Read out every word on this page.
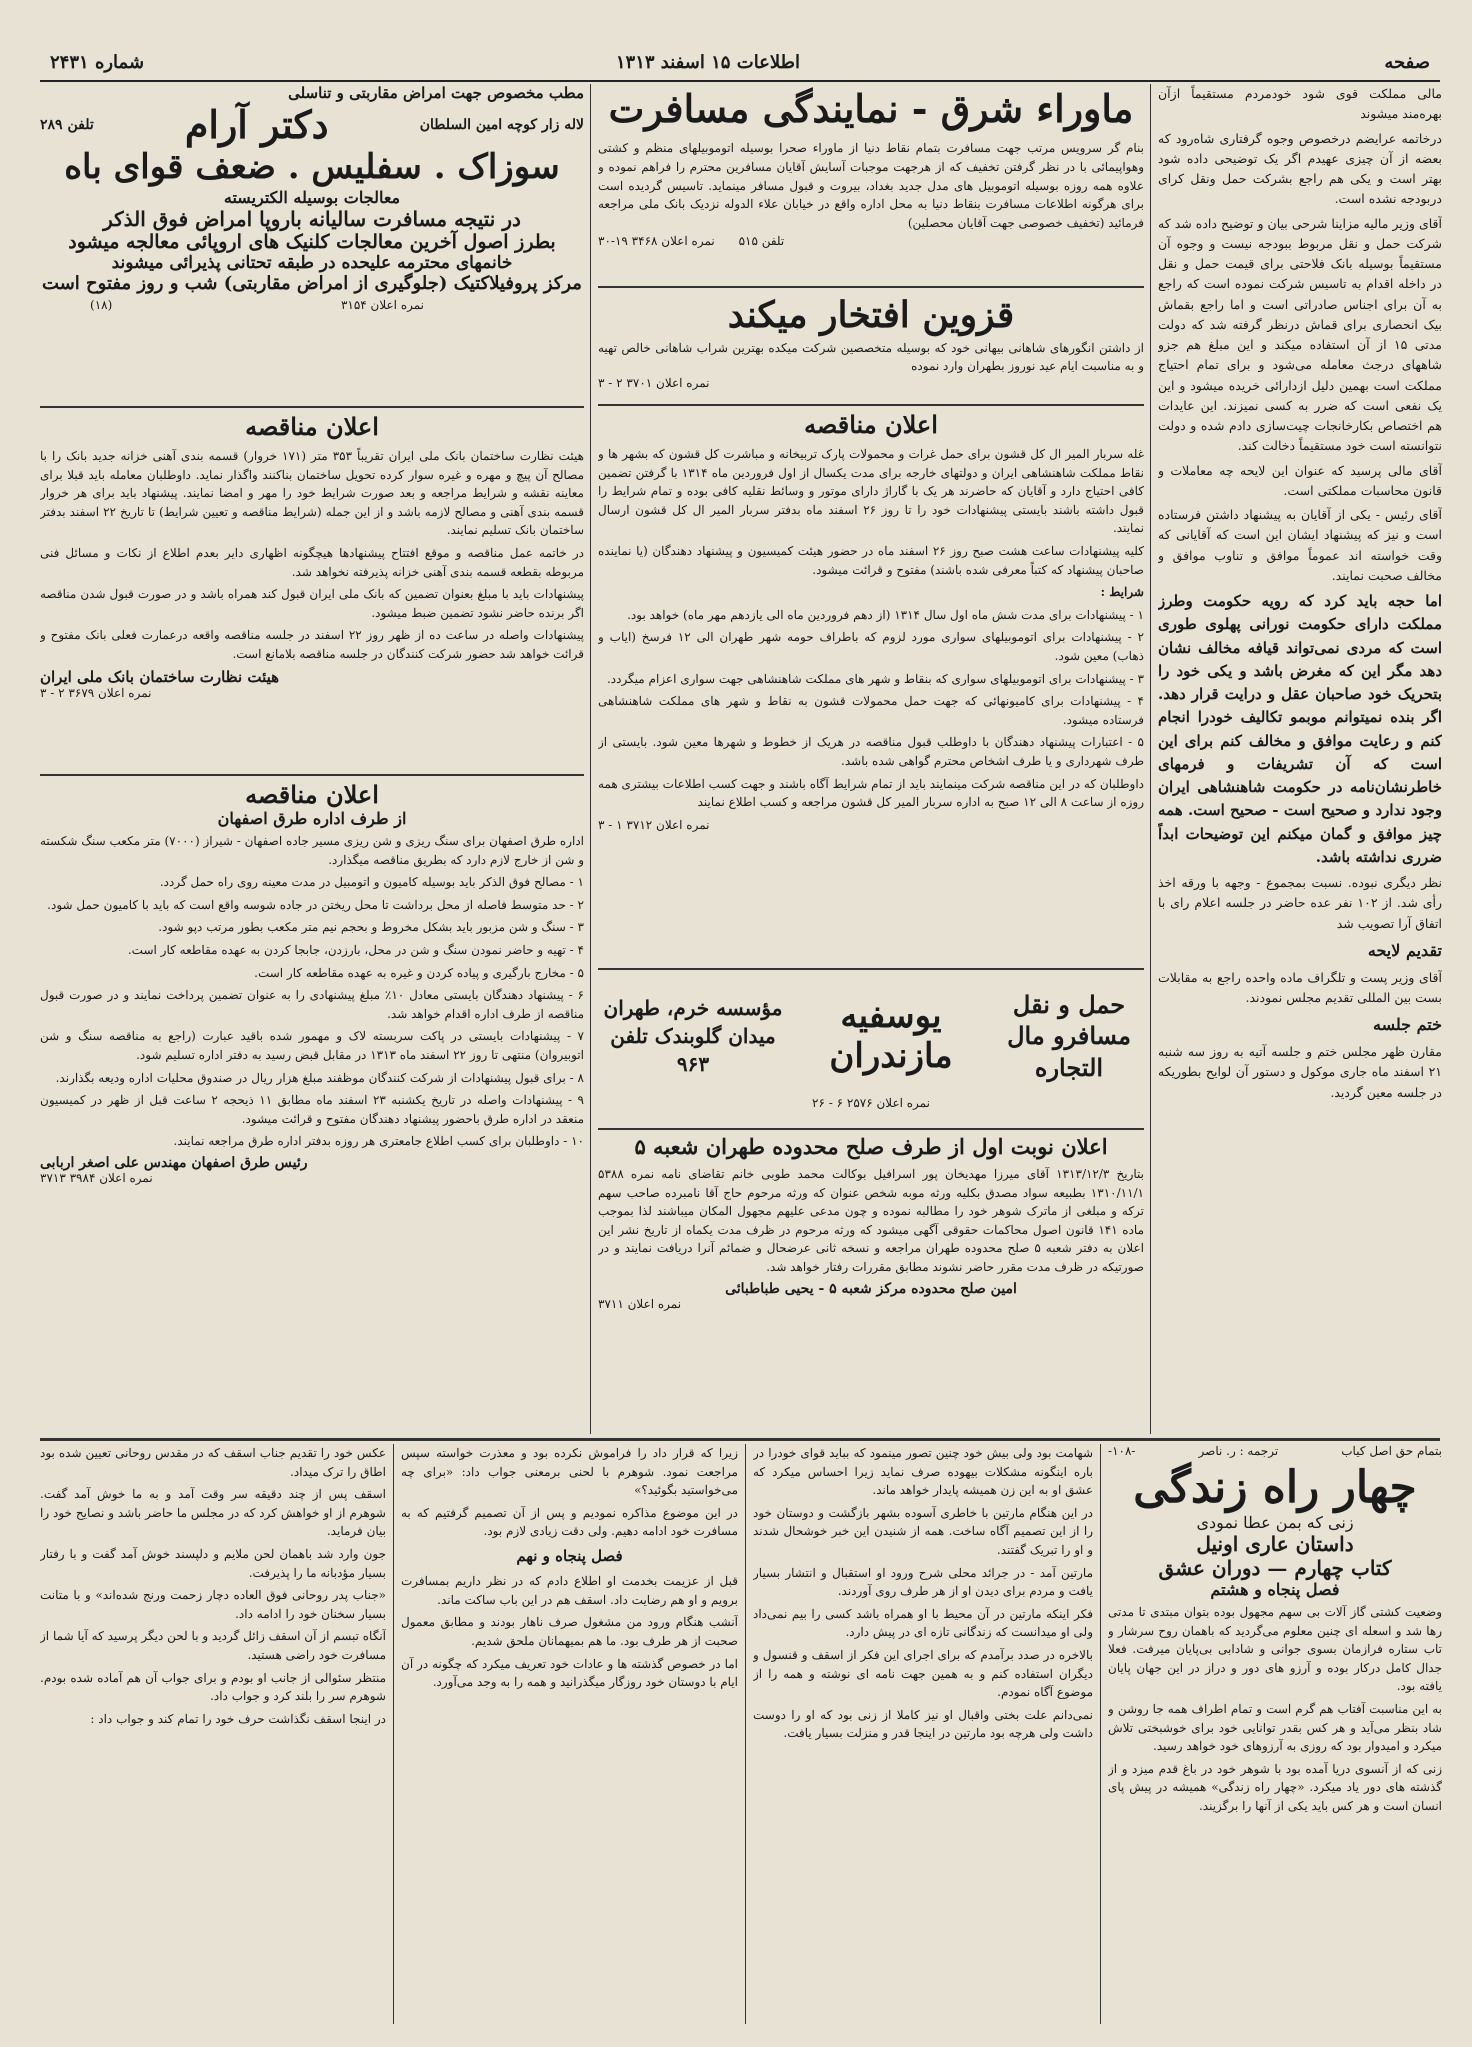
صفحه
اطلاعات ۱۵ اسفند ۱۳۱۳
شماره ۲۴۳۱

مالی مملکت قوی شود خودمردم مستقیماً ازآن بهره‌مند میشوند

درخاتمه عرایضم درخصوص وجوه گرفتاری شاه‌رود که بعضه از آن چیزی عهیدم اگر یک توضیحی داده شود بهتر است و یکی هم راجع بشرکت حمل ونقل کرای دربودجه نشده است.

آقای وزیر مالیه مزاینا شرحی بیان و توضیح داده شد که شرکت حمل و نقل مربوط ببودجه نیست و وجوه آن مستقیماً بوسیله بانک فلاحتی برای قیمت حمل و نقل در داخله اقدام به تاسیس شرکت نموده است که راجع به آن برای اجناس صادراتی است و اما راجع بقماش بیک انحصاری برای قماش درنظر گرفته شد که دولت مدتی ۱۵ از آن استفاده میکند و این مبلغ هم جزو شاههای درجث معامله می‌شود و برای تمام احتیاج مملکت است بهمین دلیل ازدارائی خریده میشود و این یک نفعی است که ضرر به کسی نمیزند. این عایدات هم اختصاص بکارخانجات چیت‌سازی دادم شده و دولت نتوانسته است خود مستقیماً دخالت کند.

آقای مالی پرسید که عنوان این لایحه چه معاملات و قانون محاسبات مملکتی است.

آقای رئیس - یکی از آقایان به پیشنهاد داشتن فرستاده است و نیز که پیشنهاد ایشان این است که آقایانی که وقت خواسته اند عموماً موافق و تناوب موافق و مخالف صحبت نمایند.

اما حجه باید کرد که رویه حکومت وطرز مملکت دارای حکومت نورانی پهلوی طوری است که مردی نمی‌تواند قیافه مخالف نشان دهد مگر این که مغرض باشد و یکی خود را بتحریک خود صاحبان عقل و درایت قرار دهد. اگر بنده نمیتوانم موبمو تکالیف خودرا انجام کنم و رعایت موافق و مخالف کنم برای این است که آن تشریفات و فرمهای خاطرنشان‌نامه در حکومت شاهنشاهی ایران وجود ندارد و صحیح است - صحیح است. همه چیز موافق و گمان میکنم این توضیحات ابداً ضرری نداشته باشد.

نظر دیگری نبوده. نسبت بمجموع - وجهه با ورقه اخذ رأی شد. از ۱۰۲ نفر عده حاضر در جلسه اعلام رای با اتفاق آرا تصویب شد

تقدیم لایحه

آقای وزیر پست و تلگراف ماده واحده راجع به مقابلات بست بین المللی تقدیم مجلس نمودند.

ختم جلسه

مقارن ظهر مجلس ختم و جلسه آتیه به روز سه شنبه ۲۱ اسفند ماه جاری موکول و دستور آن لوایح بطوریکه در جلسه معین گردید.

ماوراء شرق - نمایندگی مسافرت
بنام گر سرویس مرتب جهت مسافرت بتمام نقاط دنیا از ماوراء صحرا بوسیله اتوموبیلهای منظم و کشتی وهواپیمائی با در نظر گرفتن تخفیف که از هرجهت موجبات آسایش آقایان مسافرین محترم را فراهم نموده و علاوه همه روزه بوسیله اتوموبیل های مدل جدید بغداد، بیروت و قبول مسافر مینماید. تاسیس گردیده است برای هرگونه اطلاعات مسافرت بنقاط دنیا به محل اداره واقع در خیابان علاء الدوله نزدیک بانک ملی مراجعه فرمائید (تخفیف خصوصی جهت آقایان محصلین)
تلفن ۵۱۵ نمره اعلان ۳۴۶۸ ۱۹-۳۰
قزوین افتخار میکند
از داشتن انگورهای شاهانی بیهانی خود که بوسیله متخصصین شرکت میکده بهترین شراب شاهانی خالص تهیه و به مناسبت ایام عید نوروز بطهران وارد نموده
نمره اعلان ۳۷۰۱ ۲ - ۳
اعلان مناقصه

غله سربار المیر ال کل قشون برای حمل غرات و محمولات پارک تربیخانه و مباشرت کل قشون که بشهر ها و نقاط مملکت شاهنشاهی ایران و دولتهای خارجه برای مدت یکسال از اول فروردین ماه ۱۳۱۴ با گرفتن تضمین کافی احتیاج دارد و آقایان که حاضرند هر یک با گاراژ دارای موتور و وسائط نقلیه کافی بوده و تمام شرایط را قبول داشته باشند بایستی پیشنهادات خود را تا روز ۲۶ اسفند ماه بدفتر سربار المیر ال کل قشون ارسال نمایند.

کلیه پیشنهادات ساعت هشت صبح روز ۲۶ اسفند ماه در حضور هیئت کمیسیون و پیشنهاد دهندگان (یا نماینده صاحبان پیشنهاد که کتباً معرفی شده باشند) مفتوح و قرائت میشود.

شرایط :

۱ - پیشنهادات برای مدت شش ماه اول سال ۱۳۱۴ (از دهم فروردین ماه الی یازدهم مهر ماه) خواهد بود.

۲ - پیشنهادات برای اتوموبیلهای سواری مورد لزوم که باطراف حومه شهر طهران الی ۱۲ فرسخ (ایاب و ذهاب) معین شود.

۳ - پیشنهادات برای اتوموبیلهای سواری که بنقاط و شهر های مملکت شاهنشاهی جهت سواری اعزام میگردد.

۴ - پیشنهادات برای کامیونهائی که جهت حمل محمولات قشون به نقاط و شهر های مملکت شاهنشاهی فرستاده میشود.

۵ - اعتبارات پیشنهاد دهندگان با داوطلب قبول مناقصه در هریک از خطوط و شهرها معین شود. بایستی از طرف شهرداری و یا طرف اشخاص محترم گواهی شده باشد.

داوطلبان که در این مناقصه شرکت مینمایند باید از تمام شرایط آگاه باشند و جهت کسب اطلاعات بیشتری همه روزه از ساعت ۸ الی ۱۲ صبح به اداره سربار المیر کل قشون مراجعه و کسب اطلاع نمایند

نمره اعلان ۳۷۱۲ ۱ - ۳

حمل و نقل مسافرو مال التجاره
یوسفیه مازندران
مؤسسه خرم، طهران میدان گلوبندک تلفن ۹۶۳
نمره اعلان ۲۵۷۶ ۶ - ۲۶
اعلان نوبت اول از طرف صلح محدوده طهران شعبه ۵
بتاریخ ۱۳۱۳/۱۲/۳ آقای میرزا مهدیخان پور اسرافیل بوکالت محمد طوبی خانم تقاضای نامه نمره ۵۳۸۸ ۱۳۱۰/۱۱/۱ بطبیعه سواد مصدق بکلیه ورثه موبه شخص عنوان که ورثه مرحوم حاج آقا نامبرده صاحب سهم ترکه و مبلغی از ماترک شوهر خود را مطالبه نموده و چون مدعی علیهم مجهول المکان میباشند لذا بموجب ماده ۱۴۱ قانون اصول محاکمات حقوقی آگهی میشود که ورثه مرحوم در ظرف مدت یکماه از تاریخ نشر این اعلان به دفتر شعبه ۵ صلح محدوده طهران مراجعه و نسخه ثانی عرضحال و ضمائم آنرا دریافت نمایند و در صورتیکه در ظرف مدت مقرر حاضر نشوند مطابق مقررات رفتار خواهد شد.
امین صلح محدوده مرکز شعبه ۵ - یحیی طباطبائی
نمره اعلان ۳۷۱۱
مطب مخصوص جهت امراض مقاربتی و تناسلی
لاله زار کوچه امین السلطان
دکتر آرام
تلفن ۲۸۹
سوزاک . سفلیس . ضعف قوای باه
معالجات بوسیله الکتریسته
در نتیجه مسافرت سالیانه باروپا امراض فوق الذکر
بطرز اصول آخرین معالجات کلنیک های اروپائی معالجه میشود
خانمهای محترمه علیحده در طبقه تحتانی پذیرائی میشوند
مرکز پروفیلاکتیک (جلوگیری از امراض مقاربتی) شب و روز مفتوح است
نمره اعلان ۳۱۵۴
(۱۸)
اعلان مناقصه

هیئت نظارت ساختمان بانک ملی ایران تقریباً ۳۵۳ متر (۱۷۱ خروار) قسمه بندی آهنی خزانه جدید بانک را با مصالح آن پیچ و مهره و غیره سوار کرده تحویل ساختمان بناکنند واگذار نماید. داوطلبان معامله باید قبلا برای معاینه نقشه و شرایط مراجعه و بعد صورت شرایط خود را مهر و امضا نمایند. پیشنهاد باید برای هر خروار قسمه بندی آهنی و مصالح لازمه باشد و از این جمله (شرایط مناقصه و تعیین شرایط) تا تاریخ ۲۲ اسفند بدفتر ساختمان بانک تسلیم نمایند.

در خاتمه عمل مناقصه و موقع افتتاح پیشنهادها هیچگونه اظهاری دایر بعدم اطلاع از نکات و مسائل فنی مربوطه بقطعه قسمه بندی آهنی خزانه پذیرفته نخواهد شد.

پیشنهادات باید با مبلغ بعنوان تضمین که بانک ملی ایران قبول کند همراه باشد و در صورت قبول شدن مناقصه اگر برنده حاضر نشود تضمین ضبط میشود.

پیشنهادات واصله در ساعت ده از ظهر روز ۲۲ اسفند در جلسه مناقصه واقعه درعمارت فعلی بانک مفتوح و قرائت خواهد شد حضور شرکت کنندگان در جلسه مناقصه بلامانع است.

هیئت نظارت ساختمان بانک ملی ایران
نمره اعلان ۳۶۷۹ ۲ - ۳
اعلان مناقصه
از طرف اداره طرق اصفهان

اداره طرق اصفهان برای سنگ ریزی و شن ریزی مسیر جاده اصفهان - شیراز (۷۰۰۰) متر مکعب سنگ شکسته و شن از خارج لازم دارد که بطریق مناقصه میگذارد.

۱ - مصالح فوق الذکر باید بوسیله کامیون و اتومبیل در مدت معینه روی راه حمل گردد.

۲ - حد متوسط فاصله از محل برداشت تا محل ریختن در جاده شوسه واقع است که باید با کامیون حمل شود.

۳ - سنگ و شن مزبور باید بشکل مخروط و بحجم نیم متر مکعب بطور مرتب دپو شود.

۴ - تهیه و حاضر نمودن سنگ و شن در محل، بارزدن، جابجا کردن به عهده مقاطعه کار است.

۵ - مخارج بارگیری و پیاده کردن و غیره به عهده مقاطعه کار است.

۶ - پیشنهاد دهندگان بایستی معادل ۱۰٪ مبلغ پیشنهادی را به عنوان تضمین پرداخت نمایند و در صورت قبول مناقصه از طرف اداره اقدام خواهد شد.

۷ - پیشنهادات بایستی در پاکت سربسته لاک و مهمور شده باقید عبارت (راجع به مناقصه سنگ و شن اتوبیروان) منتهی تا روز ۲۲ اسفند ماه ۱۳۱۳ در مقابل قبض رسید به دفتر اداره تسلیم شود.

۸ - برای قبول پیشنهادات از شرکت کنندگان موظفند مبلغ هزار ریال در صندوق محلیات اداره ودیعه بگذارند.

۹ - پیشنهادات واصله در تاریخ یکشنبه ۲۳ اسفند ماه مطابق ۱۱ ذیحجه ۲ ساعت قبل از ظهر در کمیسیون منعقد در اداره طرق باحضور پیشنهاد دهندگان مفتوح و قرائت میشود.

۱۰ - داوطلبان برای کسب اطلاع جامعتری هر روزه بدفتر اداره طرق مراجعه نمایند.

رئیس طرق اصفهان مهندس علی اصغر اربابی
نمره اعلان ۳۹۸۴ ۳۷۱۳
بتمام حق اصل کیاب
ترجمه : ر. ناصر
-۱۰۸-
چهار راه زندگی
زنی که بمن عطا نمودی
داستان عاری اونیل
کتاب چهارم — دوران عشق
فصل پنجاه و هشتم

وضعیت کشتی گاز آلات بی سهم مجهول بوده بتوان مبتدی تا مدتی رها شد و اسعله ای چنین معلوم می‌گردید که باهمان روح سرشار و تاب ستاره فرازمان بسوی جوانی و شادابی بی‌پایان میرفت. فعلا جدال کامل درکار بوده و آرزو های دور و دراز در این جهان پایان یافته بود.

به این مناسبت آفتاب هم گرم است و تمام اطراف همه جا روشن و شاد بنظر می‌آید و هر کس بقدر توانایی خود برای خوشبختی تلاش میکرد و امیدوار بود که روزی به آرزوهای خود خواهد رسید.

زنی که از آنسوی دریا آمده بود با شوهر خود در باغ قدم میزد و از گذشته های دور یاد میکرد. «چهار راه زندگی» همیشه در پیش پای انسان است و هر کس باید یکی از آنها را برگزیند.

شهامت بود ولی بیش خود چنین تصور مینمود که بباید قوای خودرا در باره اینگونه مشکلات بیهوده صرف نماید زیرا احساس میکرد که عشق او به این زن همیشه پایدار خواهد ماند.

در این هنگام مارتین با خاطری آسوده بشهر بازگشت و دوستان خود را از این تصمیم آگاه ساخت. همه از شنیدن این خبر خوشحال شدند و او را تبریک گفتند.

مارتین آمد - در جرائد محلی شرح ورود او استقبال و انتشار بسیار یافت و مردم برای دیدن او از هر طرف روی آوردند.

فکر اینکه مارتین در آن محیط با او همراه باشد کسی را بیم نمی‌داد ولی او میدانست که زندگانی تازه ای در پیش دارد.

بالاخره در صدد برآمدم که برای اجرای این فکر از اسقف و قنسول و دیگران استفاده کنم و به همین جهت نامه ای نوشته و همه را از موضوع آگاه نمودم.

نمی‌دانم علت بختی واقبال او نیز کاملا از زنی بود که او را دوست داشت ولی هرچه بود مارتین در اینجا قدر و منزلت بسیار یافت.

زیرا که قرار داد را فراموش نکرده بود و معذرت خواسته سپس مراجعت نمود. شوهرم با لحنی برمعنی جواب داد: «برای چه می‌خواستید بگوئید؟»

در این موضوع مذاکره نمودیم و پس از آن تصمیم گرفتیم که به مسافرت خود ادامه دهیم. ولی دقت زیادی لازم بود.

فصل پنجاه و نهم

قبل از عزیمت بخدمت او اطلاع دادم که در نظر داریم بمسافرت برویم و او هم رضایت داد. اسقف هم در این باب ساکت ماند.

آنشب هنگام ورود من مشغول صرف ناهار بودند و مطابق معمول صحبت از هر طرف بود. ما هم بمیهمانان ملحق شدیم.

اما در خصوص گذشته ها و عادات خود تعریف میکرد که چگونه در آن ایام با دوستان خود روزگار میگذرانید و همه را به وجد می‌آورد.

عکس خود را تقدیم جناب اسقف که در مقدس روحانی تعیین شده بود اطاق را ترک میداد.

اسقف پس از چند دقیقه سر وقت آمد و به ما خوش آمد گفت. شوهرم از او خواهش کرد که در مجلس ما حاضر باشد و نصایح خود را بیان فرماید.

جون وارد شد باهمان لحن ملایم و دلپسند خوش آمد گفت و با رفتار بسیار مؤدبانه ما را پذیرفت.

«جناب پدر روحانی فوق العاده دچار زحمت ورنج شده‌اند» و با متانت بسیار سخنان خود را ادامه داد.

آنگاه تبسم از آن اسقف زائل گردید و با لحن دیگر پرسید که آیا شما از مسافرت خود راضی هستید.

منتظر سئوالی از جانب او بودم و برای جواب آن هم آماده شده بودم. شوهرم سر را بلند کرد و جواب داد.

در اینجا اسقف نگذاشت حرف خود را تمام کند و جواب داد :
